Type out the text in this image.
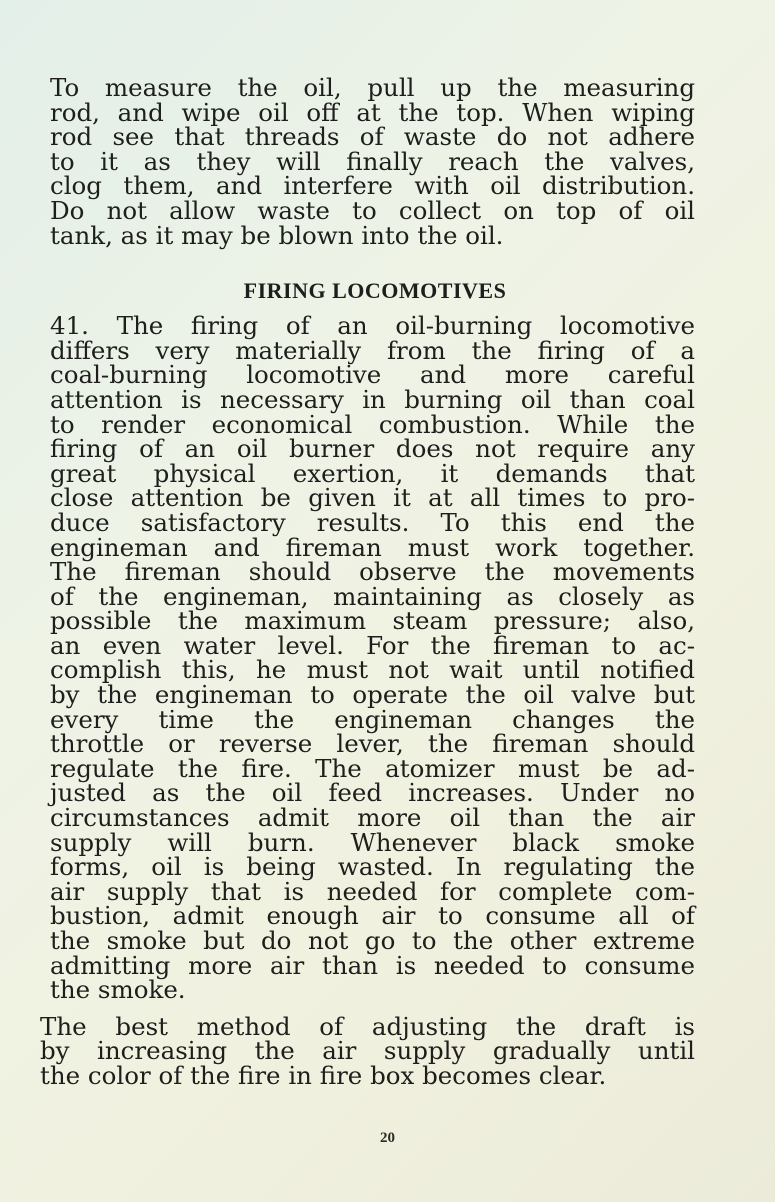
To measure the oil, pull up the measuring
rod, and wipe oil off at the top. When wiping
rod see that threads of waste do not adhere
to it as they will finally reach the valves,
clog them, and interfere with oil distribution.
Do not allow waste to collect on top of oil
tank, as it may be blown into the oil.

FIRING LOCOMOTIVES

41. The firing of an oil-burning locomotive
differs very materially from the firing of a
coal-burning locomotive and more careful
attention is necessary in burning oil than coal
to render economical combustion. While the
firing of an oil burner does not require any
great physical exertion, it demands that
close attention be given it at all times to pro-
duce satisfactory results. To this end the
engineman and fireman must work together.
The fireman should observe the movements
of the engineman, maintaining as closely as
possible the maximum steam pressure; also,
an even water level. For the fireman to ac-
complish this, he must not wait until notified
by the engineman to operate the oil valve but
every time the engineman changes the
throttle or reverse lever, the fireman should
regulate the fire. The atomizer must be ad-
justed as the oil feed increases. Under no
circumstances admit more oil than the air
supply will burn. Whenever black smoke
forms, oil is being wasted. In regulating the
air supply that is needed for complete com-
bustion, admit enough air to consume all of
the smoke but do not go to the other extreme
admitting more air than is needed to consume
the smoke.

The best method of adjusting the draft is
by increasing the air supply gradually until
the color of the fire in fire box becomes clear.

20
